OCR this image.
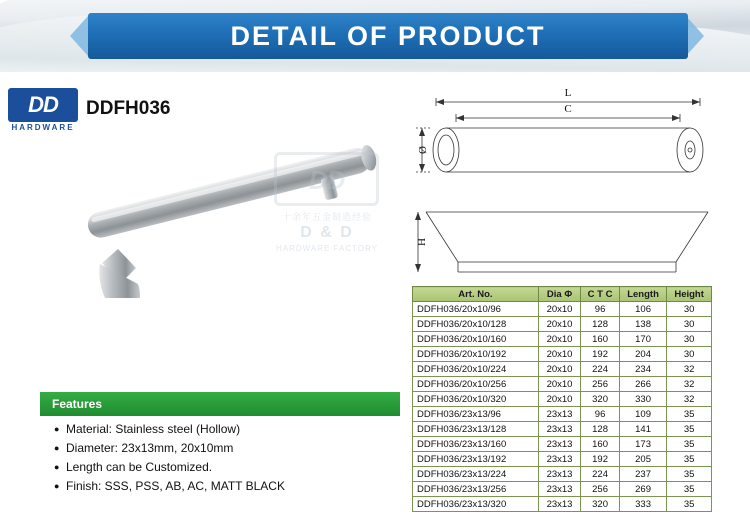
DETAIL OF PRODUCT
DD
HARDWARE
DDFH036
DD
十余年五金制造经验
D & D
HARDWARE FACTORY
L
C
Ø
H
Features
● Material: Stainless steel (Hollow)
● Diameter: 23x13mm, 20x10mm
● Length can be Customized.
● Finish: SSS, PSS, AB, AC, MATT BLACK
Art. No.	Dia Φ	C T C	Length	Height
DDFH036/20x10/96	20x10	96	106	30
DDFH036/20x10/128	20x10	128	138	30
DDFH036/20x10/160	20x10	160	170	30
DDFH036/20x10/192	20x10	192	204	30
DDFH036/20x10/224	20x10	224	234	32
DDFH036/20x10/256	20x10	256	266	32
DDFH036/20x10/320	20x10	320	330	32
DDFH036/23x13/96	23x13	96	109	35
DDFH036/23x13/128	23x13	128	141	35
DDFH036/23x13/160	23x13	160	173	35
DDFH036/23x13/192	23x13	192	205	35
DDFH036/23x13/224	23x13	224	237	35
DDFH036/23x13/256	23x13	256	269	35
DDFH036/23x13/320	23x13	320	333	35
